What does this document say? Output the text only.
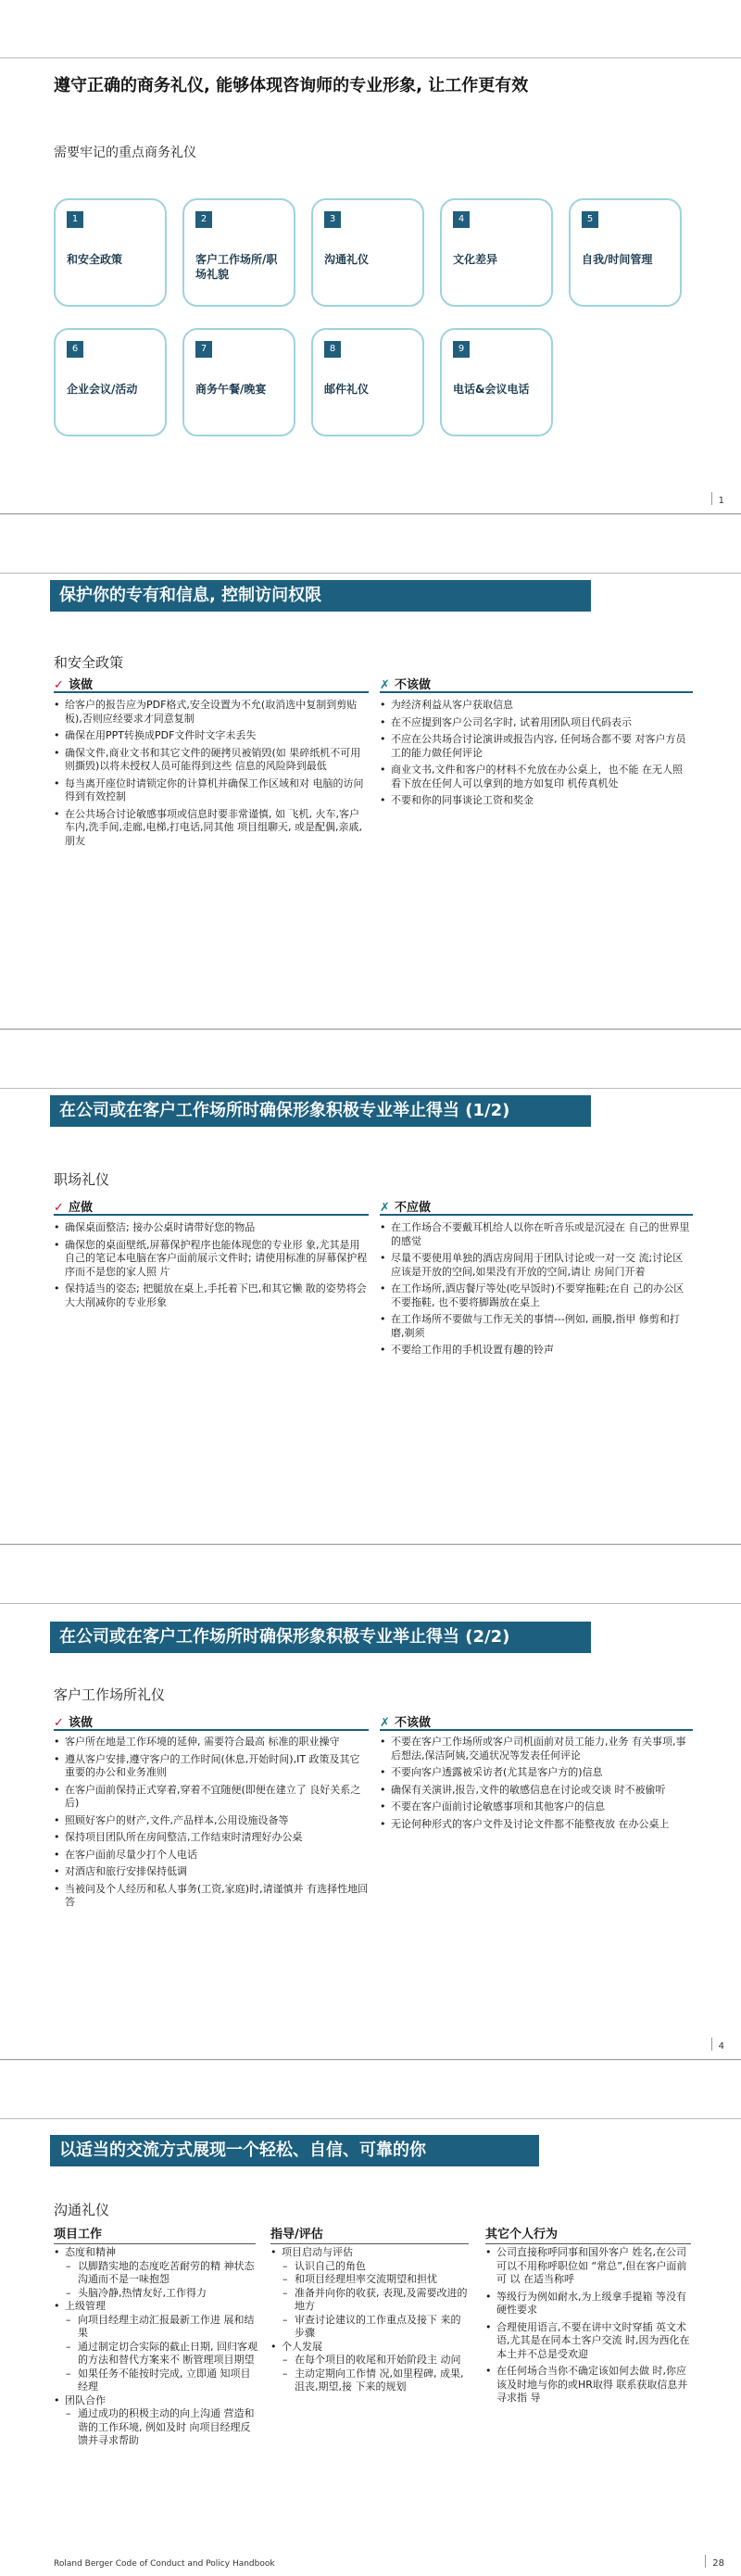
遵守正确的商务礼仪, 能够体现咨询师的专业形象, 让工作更有效
需要牢记的重点商务礼仪
1
和安全政策
2
客户工作场所/职场礼貌
3
沟通礼仪
4
文化差异
5
自我/时间管理
6
企业会议/活动
7
商务午餐/晚宴
8
邮件礼仪
9
电话&会议电话
1
保护你的专有和信息, 控制访问权限
和安全政策
✓ 该做	✗ 不该做
• 给客户的报告应为PDF格式,安全设置为不允(取消选中复制到剪贴板),否则应经要求才同意复制
• 确保在用PPT转换成PDF文件时文字未丢失
• 确保文件,商业文书和其它文件的硬拷贝被销毁(如 果碎纸机不可用则撕毁)以将未授权人员可能得到这些 信息的风险降到最低
• 每当离开座位时请锁定你的计算机并确保工作区域和对 电脑的访问得到有效控制
• 在公共场合讨论敏感事项或信息时要非常谨慎, 如 飞机, 火车,客户车内,洗手间,走廊,电梯,打电话,同其他 项目组聊天, 或是配偶,亲戚,朋友
• 为经济利益从客户获取信息
• 在不应提到客户公司名字时, 试着用团队项目代码表示
• 不应在公共场合讨论演讲或报告内容, 任何场合都不要 对客户方员工的能力做任何评论
• 商业文书,文件和客户的材料不允放在办公桌上，也不能 在无人照看下放在任何人可以拿到的地方如复印 机传真机处
• 不要和你的同事谈论工资和奖金
在公司或在客户工作场所时确保形象积极专业举止得当 (1/2)
职场礼仪
✓ 应做	✗ 不应做
• 确保桌面整洁; 接办公桌时请带好您的物品
• 确保您的桌面壁纸,屏幕保护程序也能体现您的专业形 象,尤其是用自己的笔记本电脑在客户面前展示文件时; 请使用标准的屏幕保护程序而不是您的家人照 片
• 保持适当的姿态; 把腿放在桌上,手托着下巴,和其它懒 散的姿势将会大大削减你的专业形象
• 在工作场合不要戴耳机给人以你在听音乐或是沉浸在 自己的世界里的感觉
• 尽量不要使用单独的酒店房间用于团队讨论或一对一交 流;讨论区应该是开放的空间,如果没有开放的空间,请让 房间门开着
• 在工作场所,酒店餐厅等处(吃早饭时)不要穿拖鞋;在自 己的办公区不要拖鞋, 也不要将脚踢放在桌上
• 在工作场所不要做与工作无关的事情---例如, 画膜,指甲 修剪和打磨,剃须
• 不要给工作用的手机设置有趣的铃声
在公司或在客户工作场所时确保形象积极专业举止得当 (2/2)
客户工作场所礼仪
✓ 该做	✗ 不该做
• 客户所在地是工作环境的延伸, 需要符合最高 标准的职业操守
• 遵从客户安排,遵守客户的工作时间(休息,开始时间),IT 政策及其它重要的办公和业务准则
• 在客户面前保持正式穿着,穿着不宜随便(即便在建立了 良好关系之后)
• 照顾好客户的财产,文件,产品样本,公用设施设备等
• 保持项目团队所在房间整洁,工作结束时清理好办公桌
• 在客户面前尽量少打个人电话
• 对酒店和旅行安排保持低调
• 当被问及个人经历和私人事务(工资,家庭)时,请谨慎并 有选择性地回答
• 不要在客户工作场所或客户司机面前对员工能力,业务 有关事项,事后想法,保洁阿姨,交通状况等发表任何评论
• 不要向客户透露被采访者(尤其是客户方的)信息
• 确保有关演讲,报告,文件的敏感信息在讨论或交谈 时不被偷听
• 不要在客户面前讨论敏感事项和其他客户的信息
• 无论何种形式的客户文件及讨论文件都不能整夜放 在办公桌上
4
以适当的交流方式展现一个轻松、自信、可靠的你
沟通礼仪
项目工作	指导/评估	其它个人行为
• 态度和精神
– 以脚踏实地的态度吃苦耐劳的精 神状态沟通而不是一味抱怨
– 头脑冷静,热情友好,工作得力
• 上级管理
– 向项目经理主动汇报最新工作进 展和结果
– 通过制定切合实际的截止日期, 回归客观的方法和替代方案来不 断管理项目期望
– 如果任务不能按时完成, 立即通 知项目经理
• 团队合作
– 通过成功的积极主动的向上沟通 营造和谐的工作环境, 例如及时 向项目经理反馈并寻求帮助
• 项目启动与评估
– 认识自己的角色
– 和项目经理坦率交流期望和担忧
– 准备并向你的收获, 表现,及需要改进的地方
– 审查讨论建议的工作重点及接下 来的步骤
• 个人发展
– 在每个项目的收尾和开始阶段主 动问
– 主动定期向工作情 况,如里程碑, 成果,沮丧,期望,接 下来的规划
• 公司直接称呼同事和国外客户 姓名,在公司可以不用称呼职位如 “常总”,但在客户面前可 以 在适当称呼
• 等级行为例如耐水,为上级拿手提箱 等没有硬性要求
• 合理使用语言,不要在讲中文时穿插 英文术语,尤其是在同本土客户交流 时,因为西化在本土并不总是受欢迎
• 在任何场合当你不确定该如何去做 时,你应该及时地与你的或HR取得 联系获取信息并寻求指 导
Roland Berger Code of Conduct and Policy Handbook	28
